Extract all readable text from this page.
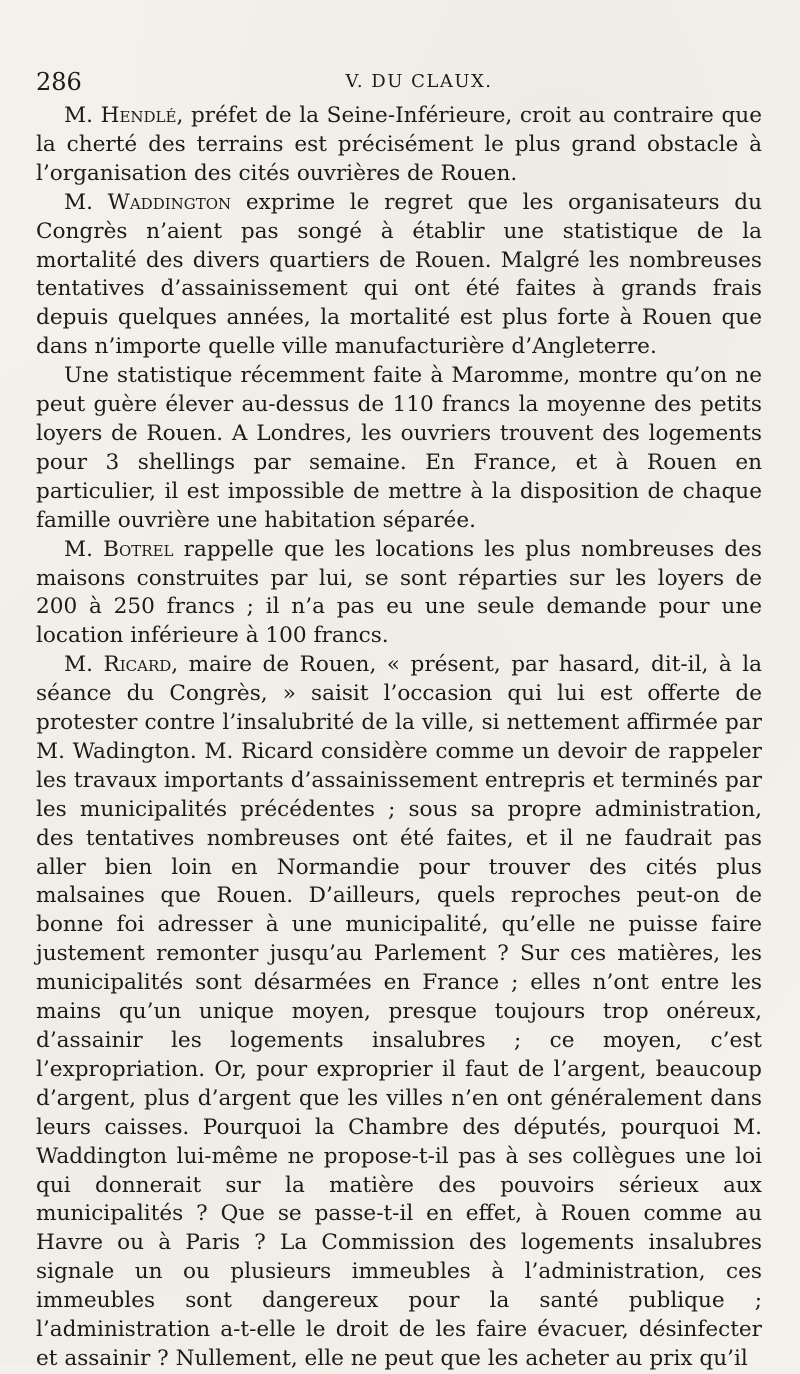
286	V. DU CLAUX.

M. Hendlé, préfet de la Seine-Inférieure, croit au contraire que la cherté des terrains est précisément le plus grand obstacle à l’organisation des cités ouvrières de Rouen.

M. Waddington exprime le regret que les organisateurs du Congrès n’aient pas songé à établir une statistique de la mortalité des divers quartiers de Rouen. Malgré les nombreuses tentatives d’assainissement qui ont été faites à grands frais depuis quelques années, la mortalité est plus forte à Rouen que dans n’importe quelle ville manufacturière d’Angleterre.

Une statistique récemment faite à Maromme, montre qu’on ne peut guère élever au-dessus de 110 francs la moyenne des petits loyers de Rouen. A Londres, les ouvriers trouvent des logements pour 3 shellings par semaine. En France, et à Rouen en particulier, il est impossible de mettre à la disposition de chaque famille ouvrière une habitation séparée.

M. Botrel rappelle que les locations les plus nombreuses des maisons construites par lui, se sont réparties sur les loyers de 200 à 250 francs ; il n’a pas eu une seule demande pour une location inférieure à 100 francs.

M. Ricard, maire de Rouen, « présent, par hasard, dit-il, à la séance du Congrès, » saisit l’occasion qui lui est offerte de protester contre l’insalubrité de la ville, si nettement affirmée par M. Wadington. M. Ricard considère comme un devoir de rappeler les travaux importants d’assainissement entrepris et terminés par les municipalités précédentes ; sous sa propre administration, des tentatives nombreuses ont été faites, et il ne faudrait pas aller bien loin en Normandie pour trouver des cités plus malsaines que Rouen. D’ailleurs, quels reproches peut-on de bonne foi adresser à une municipalité, qu’elle ne puisse faire justement remonter jusqu’au Parlement ? Sur ces matières, les municipalités sont désarmées en France ; elles n’ont entre les mains qu’un unique moyen, presque toujours trop onéreux, d’assainir les logements insalubres ; ce moyen, c’est l’expropriation. Or, pour exproprier il faut de l’argent, beaucoup d’argent, plus d’argent que les villes n’en ont généralement dans leurs caisses. Pourquoi la Chambre des députés, pourquoi M. Waddington lui-même ne propose-t-il pas à ses collègues une loi qui donnerait sur la matière des pouvoirs sérieux aux municipalités ? Que se passe-t-il en effet, à Rouen comme au Havre ou à Paris ? La Commission des logements insalubres signale un ou plusieurs immeubles à l’administration, ces immeubles sont dangereux pour la santé publique ; l’administration a-t-elle le droit de les faire évacuer, désinfecter et assainir ? Nullement, elle ne peut que les acheter au prix qu’il
